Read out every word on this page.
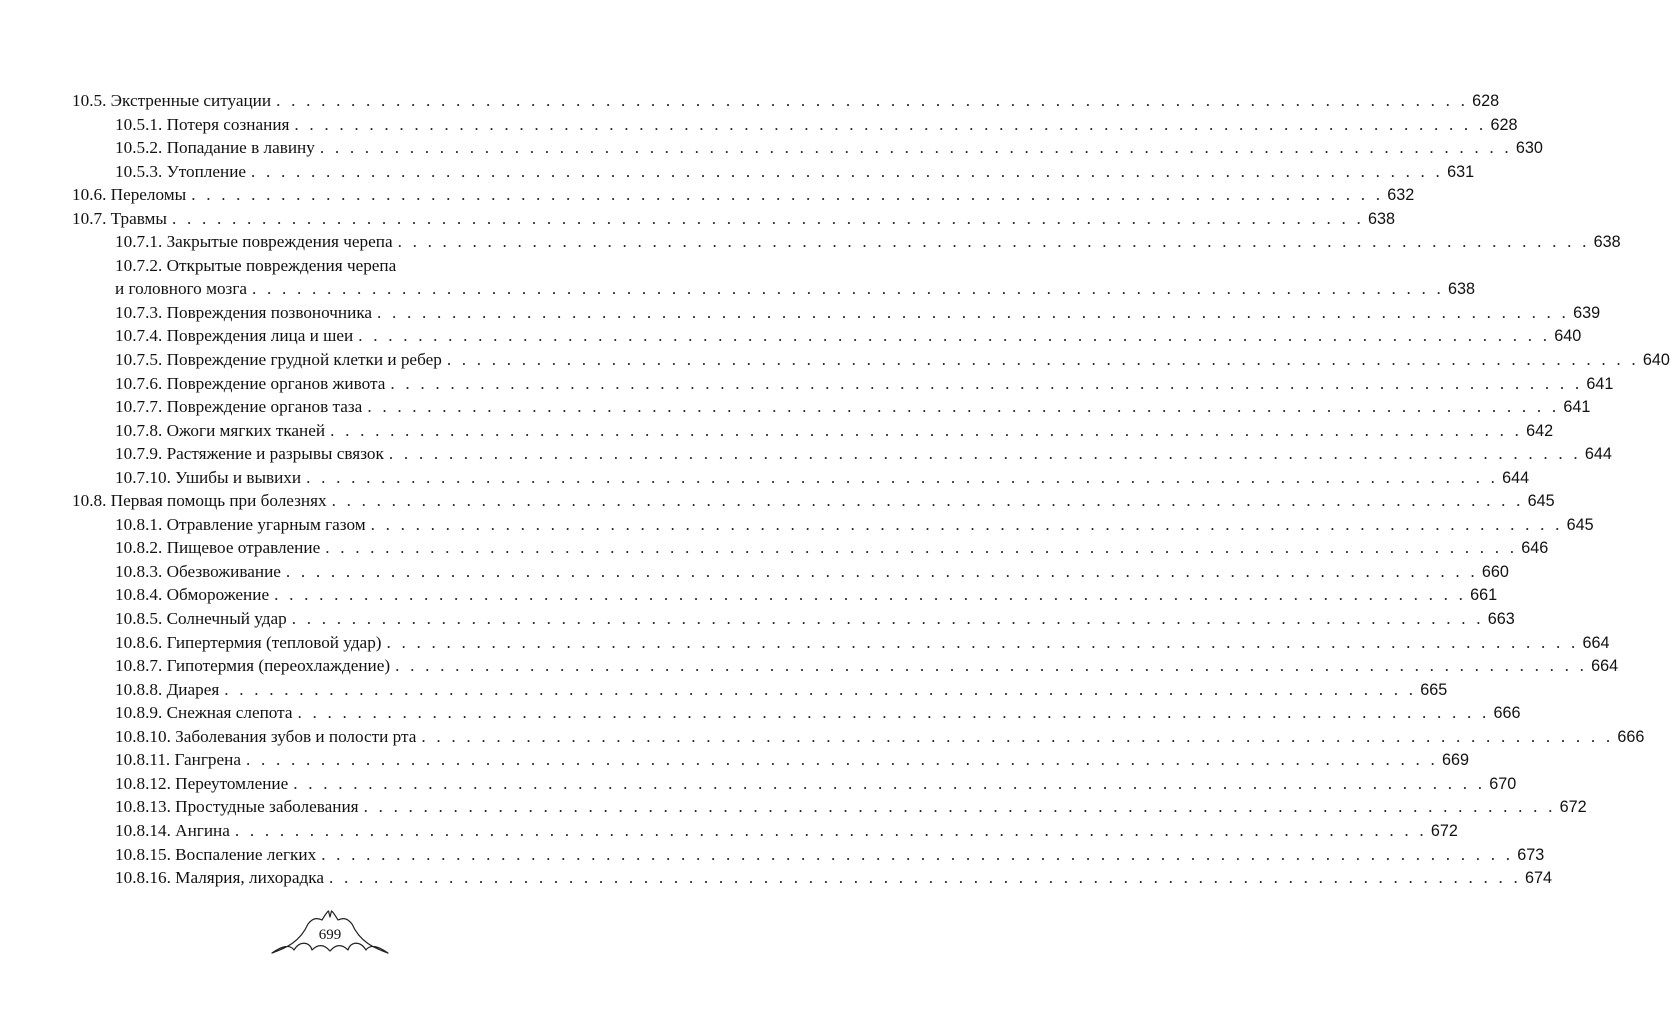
10.5. Экстренные ситуации . . . . . . . . . . . . . . . . . . . . . . . . . . . . . . . . . . . . . . . . . . . . . . . . . . . . . . . . . . . . . . . . . . . . . . . . . . . . . . . . 628
10.5.1. Потеря сознания . . . . . . . . . . . . . . . . . . . . . . . . . . . . . . . . . . . . . . . . . . . . . . . . . . . . . . . . . . . . . . . . . . . . . . . . . . . . . . . . 628
10.5.2. Попадание в лавину . . . . . . . . . . . . . . . . . . . . . . . . . . . . . . . . . . . . . . . . . . . . . . . . . . . . . . . . . . . . . . . . . . . . . . . . . . . . . . . . 630
10.5.3. Утопление . . . . . . . . . . . . . . . . . . . . . . . . . . . . . . . . . . . . . . . . . . . . . . . . . . . . . . . . . . . . . . . . . . . . . . . . . . . . . . . . 631
10.6. Переломы . . . . . . . . . . . . . . . . . . . . . . . . . . . . . . . . . . . . . . . . . . . . . . . . . . . . . . . . . . . . . . . . . . . . . . . . . . . . . . . . 632
10.7. Травмы . . . . . . . . . . . . . . . . . . . . . . . . . . . . . . . . . . . . . . . . . . . . . . . . . . . . . . . . . . . . . . . . . . . . . . . . . . . . . . . . 638
10.7.1. Закрытые повреждения черепа . . . . . . . . . . . . . . . . . . . . . . . . . . . . . . . . . . . . . . . . . . . . . . . . . . . . . . . . . . . . . . . . . . . . . . . . . . . . . . . . 638
10.7.2. Открытые повреждения черепа
и головного мозга . . . . . . . . . . . . . . . . . . . . . . . . . . . . . . . . . . . . . . . . . . . . . . . . . . . . . . . . . . . . . . . . . . . . . . . . . . . . . . . . 638
10.7.3. Повреждения позвоночника . . . . . . . . . . . . . . . . . . . . . . . . . . . . . . . . . . . . . . . . . . . . . . . . . . . . . . . . . . . . . . . . . . . . . . . . . . . . . . . . 639
10.7.4. Повреждения лица и шеи . . . . . . . . . . . . . . . . . . . . . . . . . . . . . . . . . . . . . . . . . . . . . . . . . . . . . . . . . . . . . . . . . . . . . . . . . . . . . . . . 640
10.7.5. Повреждение грудной клетки и ребер . . . . . . . . . . . . . . . . . . . . . . . . . . . . . . . . . . . . . . . . . . . . . . . . . . . . . . . . . . . . . . . . . . . . . . . . . . . . . . . . 640
10.7.6. Повреждение органов живота . . . . . . . . . . . . . . . . . . . . . . . . . . . . . . . . . . . . . . . . . . . . . . . . . . . . . . . . . . . . . . . . . . . . . . . . . . . . . . . . 641
10.7.7. Повреждение органов таза . . . . . . . . . . . . . . . . . . . . . . . . . . . . . . . . . . . . . . . . . . . . . . . . . . . . . . . . . . . . . . . . . . . . . . . . . . . . . . . . 641
10.7.8. Ожоги мягких тканей . . . . . . . . . . . . . . . . . . . . . . . . . . . . . . . . . . . . . . . . . . . . . . . . . . . . . . . . . . . . . . . . . . . . . . . . . . . . . . . . 642
10.7.9. Растяжение и разрывы связок . . . . . . . . . . . . . . . . . . . . . . . . . . . . . . . . . . . . . . . . . . . . . . . . . . . . . . . . . . . . . . . . . . . . . . . . . . . . . . . . 644
10.7.10. Ушибы и вывихи . . . . . . . . . . . . . . . . . . . . . . . . . . . . . . . . . . . . . . . . . . . . . . . . . . . . . . . . . . . . . . . . . . . . . . . . . . . . . . . . 644
10.8. Первая помощь при болезнях . . . . . . . . . . . . . . . . . . . . . . . . . . . . . . . . . . . . . . . . . . . . . . . . . . . . . . . . . . . . . . . . . . . . . . . . . . . . . . . . 645
10.8.1. Отравление угарным газом . . . . . . . . . . . . . . . . . . . . . . . . . . . . . . . . . . . . . . . . . . . . . . . . . . . . . . . . . . . . . . . . . . . . . . . . . . . . . . . . 645
10.8.2. Пищевое отравление . . . . . . . . . . . . . . . . . . . . . . . . . . . . . . . . . . . . . . . . . . . . . . . . . . . . . . . . . . . . . . . . . . . . . . . . . . . . . . . . 646
10.8.3. Обезвоживание . . . . . . . . . . . . . . . . . . . . . . . . . . . . . . . . . . . . . . . . . . . . . . . . . . . . . . . . . . . . . . . . . . . . . . . . . . . . . . . . 660
10.8.4. Обморожение . . . . . . . . . . . . . . . . . . . . . . . . . . . . . . . . . . . . . . . . . . . . . . . . . . . . . . . . . . . . . . . . . . . . . . . . . . . . . . . . 661
10.8.5. Солнечный удар . . . . . . . . . . . . . . . . . . . . . . . . . . . . . . . . . . . . . . . . . . . . . . . . . . . . . . . . . . . . . . . . . . . . . . . . . . . . . . . . 663
10.8.6. Гипертермия (тепловой удар) . . . . . . . . . . . . . . . . . . . . . . . . . . . . . . . . . . . . . . . . . . . . . . . . . . . . . . . . . . . . . . . . . . . . . . . . . . . . . . . . 664
10.8.7. Гипотермия (переохлаждение) . . . . . . . . . . . . . . . . . . . . . . . . . . . . . . . . . . . . . . . . . . . . . . . . . . . . . . . . . . . . . . . . . . . . . . . . . . . . . . . . 664
10.8.8. Диарея . . . . . . . . . . . . . . . . . . . . . . . . . . . . . . . . . . . . . . . . . . . . . . . . . . . . . . . . . . . . . . . . . . . . . . . . . . . . . . . . 665
10.8.9. Снежная слепота . . . . . . . . . . . . . . . . . . . . . . . . . . . . . . . . . . . . . . . . . . . . . . . . . . . . . . . . . . . . . . . . . . . . . . . . . . . . . . . . 666
10.8.10. Заболевания зубов и полости рта . . . . . . . . . . . . . . . . . . . . . . . . . . . . . . . . . . . . . . . . . . . . . . . . . . . . . . . . . . . . . . . . . . . . . . . . . . . . . . . . 666
10.8.11. Гангрена . . . . . . . . . . . . . . . . . . . . . . . . . . . . . . . . . . . . . . . . . . . . . . . . . . . . . . . . . . . . . . . . . . . . . . . . . . . . . . . . 669
10.8.12. Переутомление . . . . . . . . . . . . . . . . . . . . . . . . . . . . . . . . . . . . . . . . . . . . . . . . . . . . . . . . . . . . . . . . . . . . . . . . . . . . . . . . 670
10.8.13. Простудные заболевания . . . . . . . . . . . . . . . . . . . . . . . . . . . . . . . . . . . . . . . . . . . . . . . . . . . . . . . . . . . . . . . . . . . . . . . . . . . . . . . . 672
10.8.14. Ангина . . . . . . . . . . . . . . . . . . . . . . . . . . . . . . . . . . . . . . . . . . . . . . . . . . . . . . . . . . . . . . . . . . . . . . . . . . . . . . . . 672
10.8.15. Воспаление легких . . . . . . . . . . . . . . . . . . . . . . . . . . . . . . . . . . . . . . . . . . . . . . . . . . . . . . . . . . . . . . . . . . . . . . . . . . . . . . . . 673
10.8.16. Малярия, лихорадка . . . . . . . . . . . . . . . . . . . . . . . . . . . . . . . . . . . . . . . . . . . . . . . . . . . . . . . . . . . . . . . . . . . . . . . . . . . . . . . . 674
699
